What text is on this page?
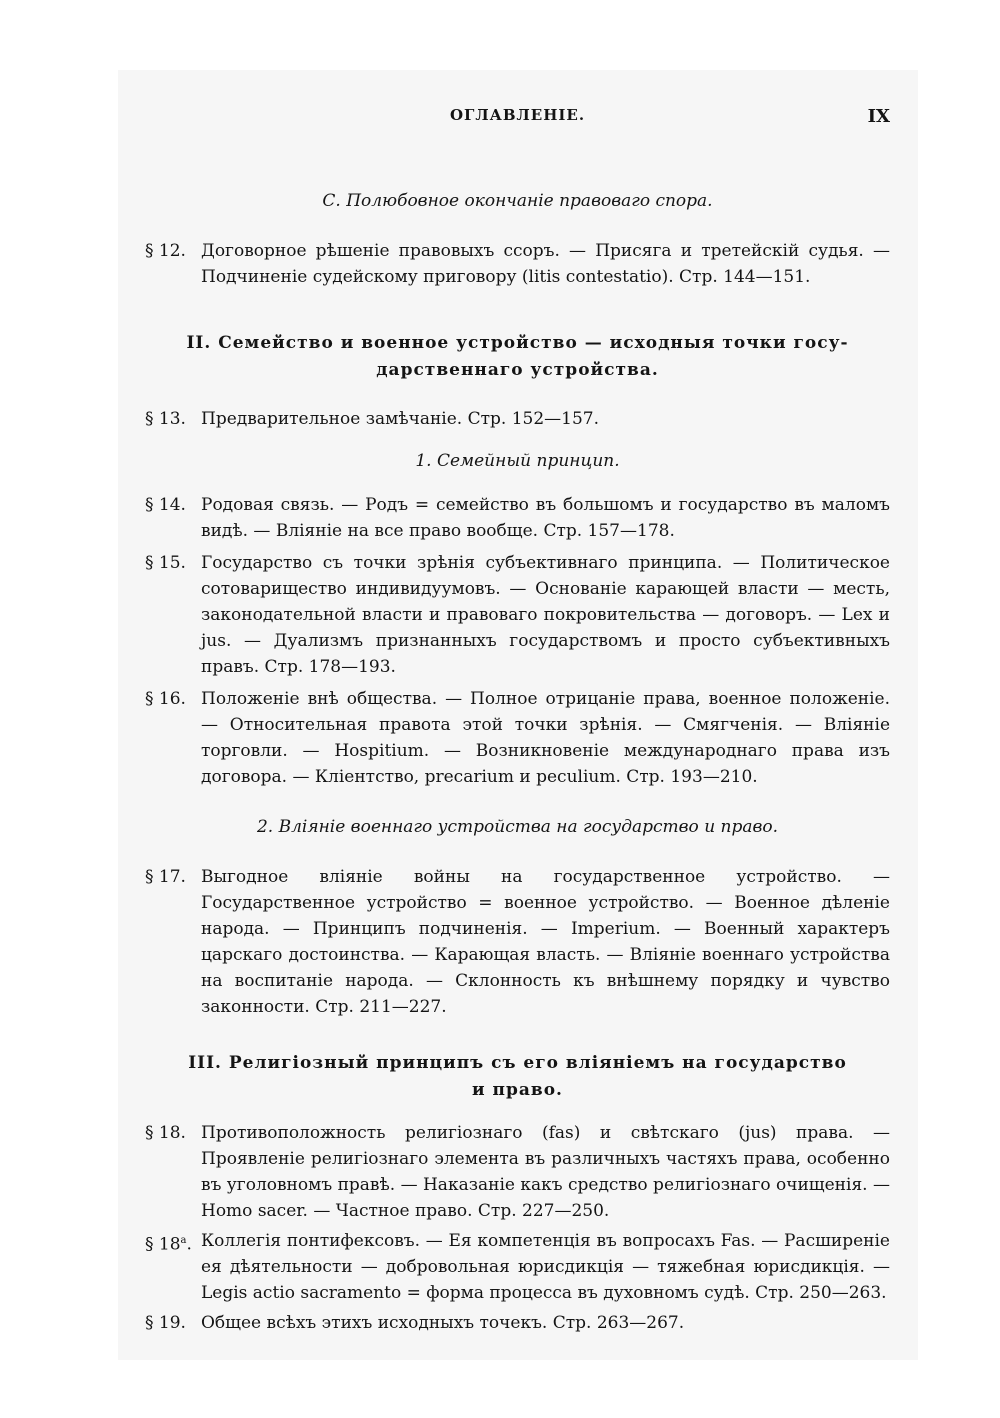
ОГЛАВЛЕНІЕ.	IX

С. Полюбовное окончанiе правоваго спора.

§ 12. Договорное рѣшеніе правовыхъ ссоръ. — Присяга и третейскій судья. — Подчиненіе судейскому приговору (litis contestatio). Стр. 144—151.

II. Семейство и военное устройство — исходныя точки госу-

дарственнаго устройства.

§ 13. Предварительное замѣчаніе. Стр. 152—157.

1. Семейный принцип.

§ 14. Родовая связь. — Родъ = семейство въ большомъ и государство въ маломъ видѣ. — Вліяніе на все право вообще. Стр. 157—178.
§ 15. Государство съ точки зрѣнія субъективнаго принципа. — Политическое сотоварищество индивидуумовъ. — Основаніе карающей власти — месть, законодательной власти и правоваго покровительства — договоръ. — Lex и jus. — Дуализмъ признанныхъ государствомъ и просто субъективныхъ правъ. Стр. 178—193.
§ 16. Положеніе внѣ общества. — Полное отрицаніе права, военное положеніе. — Относительная правота этой точки зрѣнія. — Смягченія. — Вліяніе торговли. — Hospitium. — Возникновеніе международнаго права изъ договора. — Кліентство, precarium и peculium. Стр. 193—210.

2. Вліяніе военнаго устройства на государство и право.

§ 17. Выгодное вліяніе войны на государственное устройство. — Государственное устройство = военное устройство. — Военное дѣленіе народа. — Принципъ подчиненія. — Imperium. — Военный характеръ царскаго достоинства. — Карающая власть. — Вліяніе военнаго устройства на воспитаніе народа. — Склонность къ внѣшнему порядку и чувство законности. Стр. 211—227.

III. Религіозный принципъ съ его вліяніемъ на государство

и право.

§ 18. Противоположность религіознаго (fas) и свѣтскаго (jus) права. — Проявленіе религіознаго элемента въ различныхъ частяхъ права, особенно въ уголовномъ правѣ. — Наказаніе какъ средство религіознаго очищенія. — Homo sacer. — Частное право. Стр. 227—250.
§ 18$^a$. Коллегія понтифексовъ. — Ея компетенція въ вопросахъ Fas. — Расширеніе ея дѣятельности — добровольная юрисдикція — тяжебная юрисдикція. — Legis actio sacramento = форма процесса въ духовномъ судѣ. Стр. 250—263.
§ 19. Общее всѣхъ этихъ исходныхъ точекъ. Стр. 263—267.
